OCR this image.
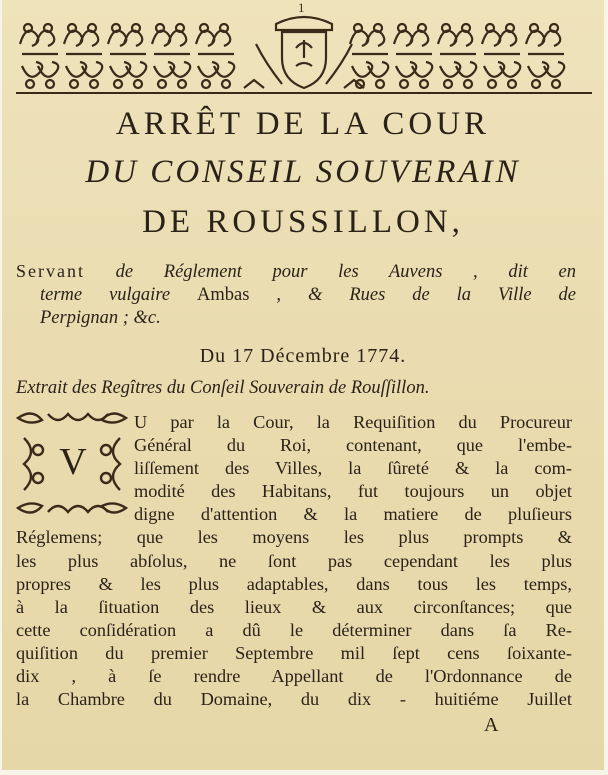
1
ARRÊT DE LA COUR
DU CONSEIL SOUVERAIN
DE ROUSSILLON,
Servant de Réglement pour les Auvens , dit en
terme vulgaire Ambas , & Rues de la Ville de
Perpignan ; &c.
Du 17 Décembre 1774.
Extrait des Regîtres du Conſeil Souverain de Rouſſillon.
V
U par la Cour, la Requiſition du Procureur
Général du Roi, contenant, que l'embe-
liſſement des Villes, la ſûreté & la com-
modité des Habitans, fut toujours un objet
digne d'attention & la matiere de pluſieurs
Réglemens; que les moyens les plus prompts &
les plus abſolus, ne ſont pas cependant les plus
propres & les plus adaptables, dans tous les temps,
à la ſituation des lieux & aux circonſtances; que
cette conſidération a dû le déterminer dans ſa Re-
quiſition du premier Septembre mil ſept cens ſoixante-
dix , à ſe rendre Appellant de l'Ordonnance de
la Chambre du Domaine, du dix - huitiéme Juillet
A
